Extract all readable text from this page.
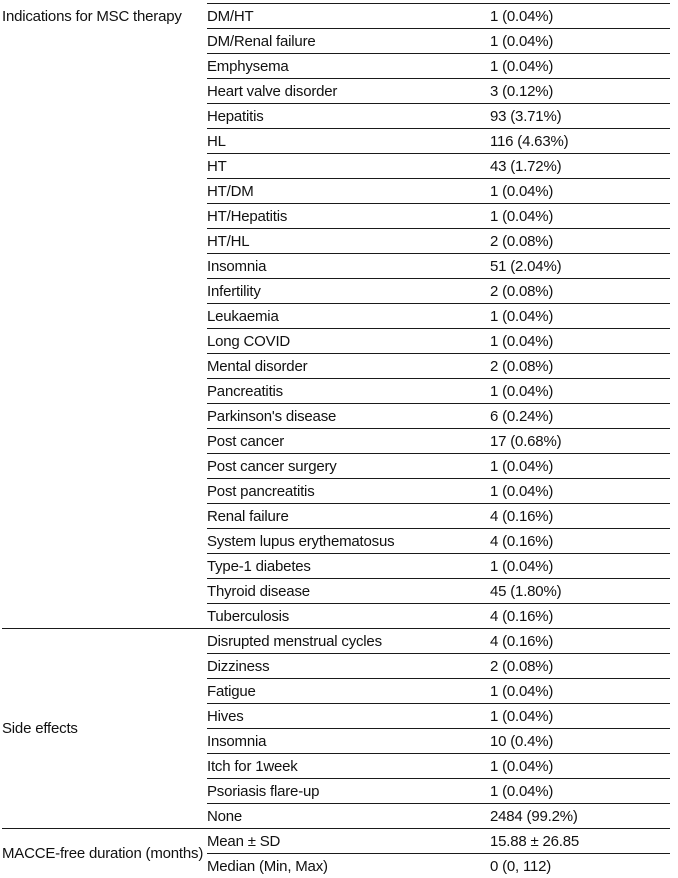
Indications for MSC therapy	DM/HT	1 (0.04%)
	DM/Renal failure	1 (0.04%)
	Emphysema	1 (0.04%)
	Heart valve disorder	3 (0.12%)
	Hepatitis	93 (3.71%)
	HL	116 (4.63%)
	HT	43 (1.72%)
	HT/DM	1 (0.04%)
	HT/Hepatitis	1 (0.04%)
	HT/HL	2 (0.08%)
	Insomnia	51 (2.04%)
	Infertility	2 (0.08%)
	Leukaemia	1 (0.04%)
	Long COVID	1 (0.04%)
	Mental disorder	2 (0.08%)
	Pancreatitis	1 (0.04%)
	Parkinson's disease	6 (0.24%)
	Post cancer	17 (0.68%)
	Post cancer surgery	1 (0.04%)
	Post pancreatitis	1 (0.04%)
	Renal failure	4 (0.16%)
	System lupus erythematosus	4 (0.16%)
	Type-1 diabetes	1 (0.04%)
	Thyroid disease	45 (1.80%)
	Tuberculosis	4 (0.16%)
Side effects	Disrupted menstrual cycles	4 (0.16%)
	Dizziness	2 (0.08%)
	Fatigue	1 (0.04%)
	Hives	1 (0.04%)
	Insomnia	10 (0.4%)
	Itch for 1week	1 (0.04%)
	Psoriasis flare-up	1 (0.04%)
	None	2484 (99.2%)
MACCE-free duration (months)	Mean ± SD	15.88 ± 26.85
	Median (Min, Max)	0 (0, 112)
